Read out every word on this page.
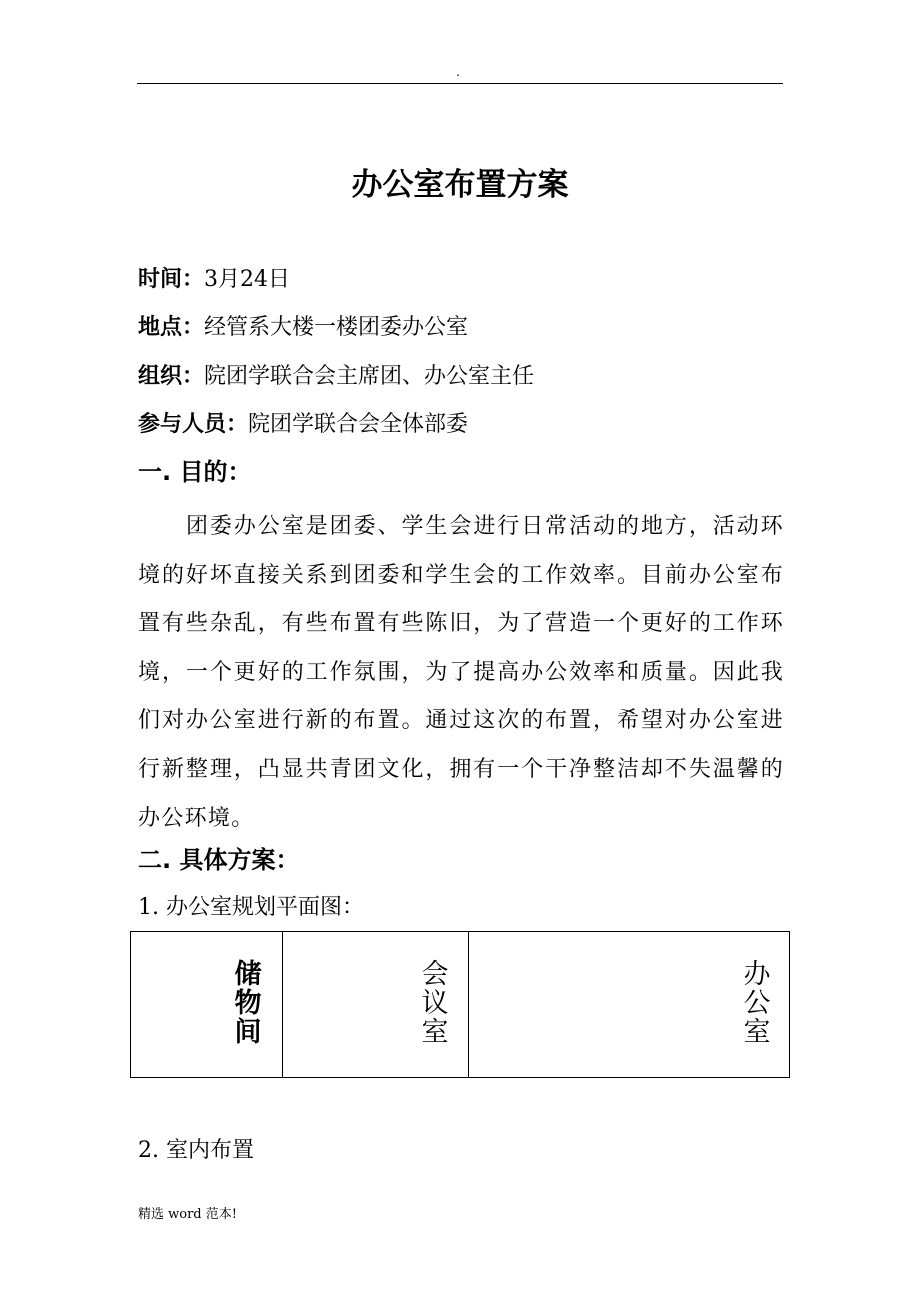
.
办公室布置方案
时间：3月24日
地点：经管系大楼一楼团委办公室
组织：院团学联合会主席团、办公室主任
参与人员：院团学联合会全体部委
一. 目的：

团委办公室是团委、学生会进行日常活动的地方，活动环境的好坏直接关系到团委和学生会的工作效率。目前办公室布置有些杂乱，有些布置有些陈旧，为了营造一个更好的工作环境，一个更好的工作氛围，为了提高办公效率和质量。因此我们对办公室进行新的布置。通过这次的布置，希望对办公室进行新整理，凸显共青团文化，拥有一个干净整洁却不失温馨的办公环境。

二. 具体方案：
1. 办公室规划平面图：
储物间
会议室
办公室
2. 室内布置
精选 word 范本!
